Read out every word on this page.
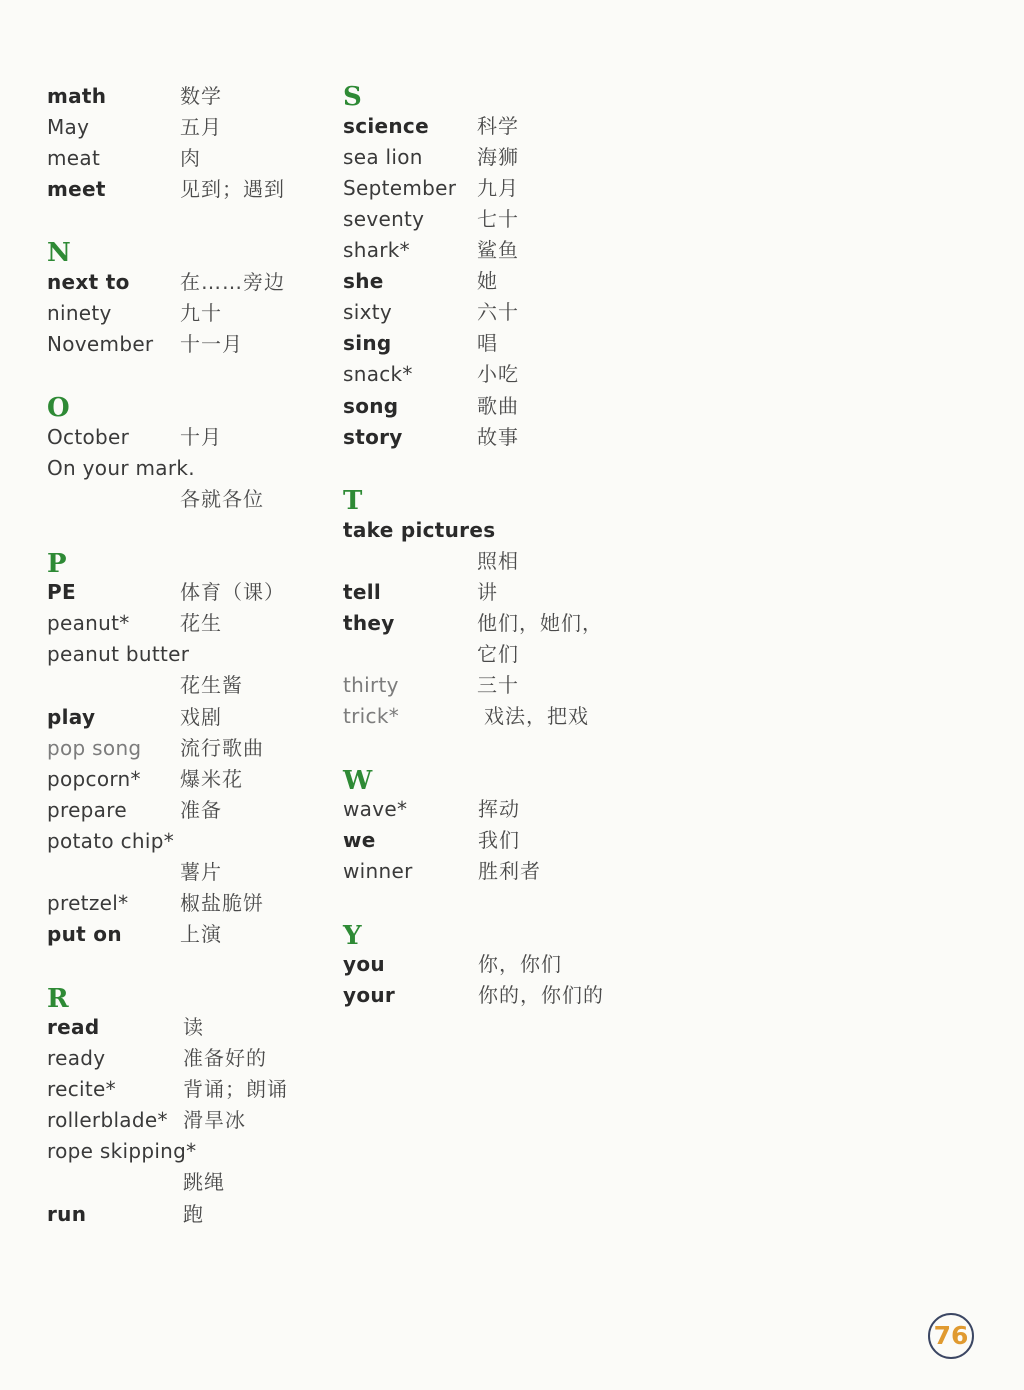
math	数学
May	五月
meat	肉
meet	见到；遇到
N
next to	在……旁边
ninety	九十
November 十一月
O
October	十月
On your mark.
各就各位
P
PE	体育（课）
peanut*	花生
peanut butter
花生酱
play	戏剧
pop song 流行歌曲
popcorn* 爆米花
prepare	准备
potato chip*
薯片
pretzel*	椒盐脆饼
put on	上演
R
read	读
ready	准备好的
recite*	背诵；朗诵
rollerblade* 滑旱冰
rope skipping*
跳绳
run	跑
S
science 科学
sea lion	海狮
September 九月
seventy	七十
shark*	鲨鱼
she	她
sixty	六十
sing	唱
snack*	小吃
song	歌曲
story	故事
T
take pictures
照相
tell	讲
they	他们，她们，
它们
thirty	三十
trick*	戏法，把戏
W
wave*	挥动
we	我们
winner	胜利者
Y
you	你，你们
your	你的，你们的
76
